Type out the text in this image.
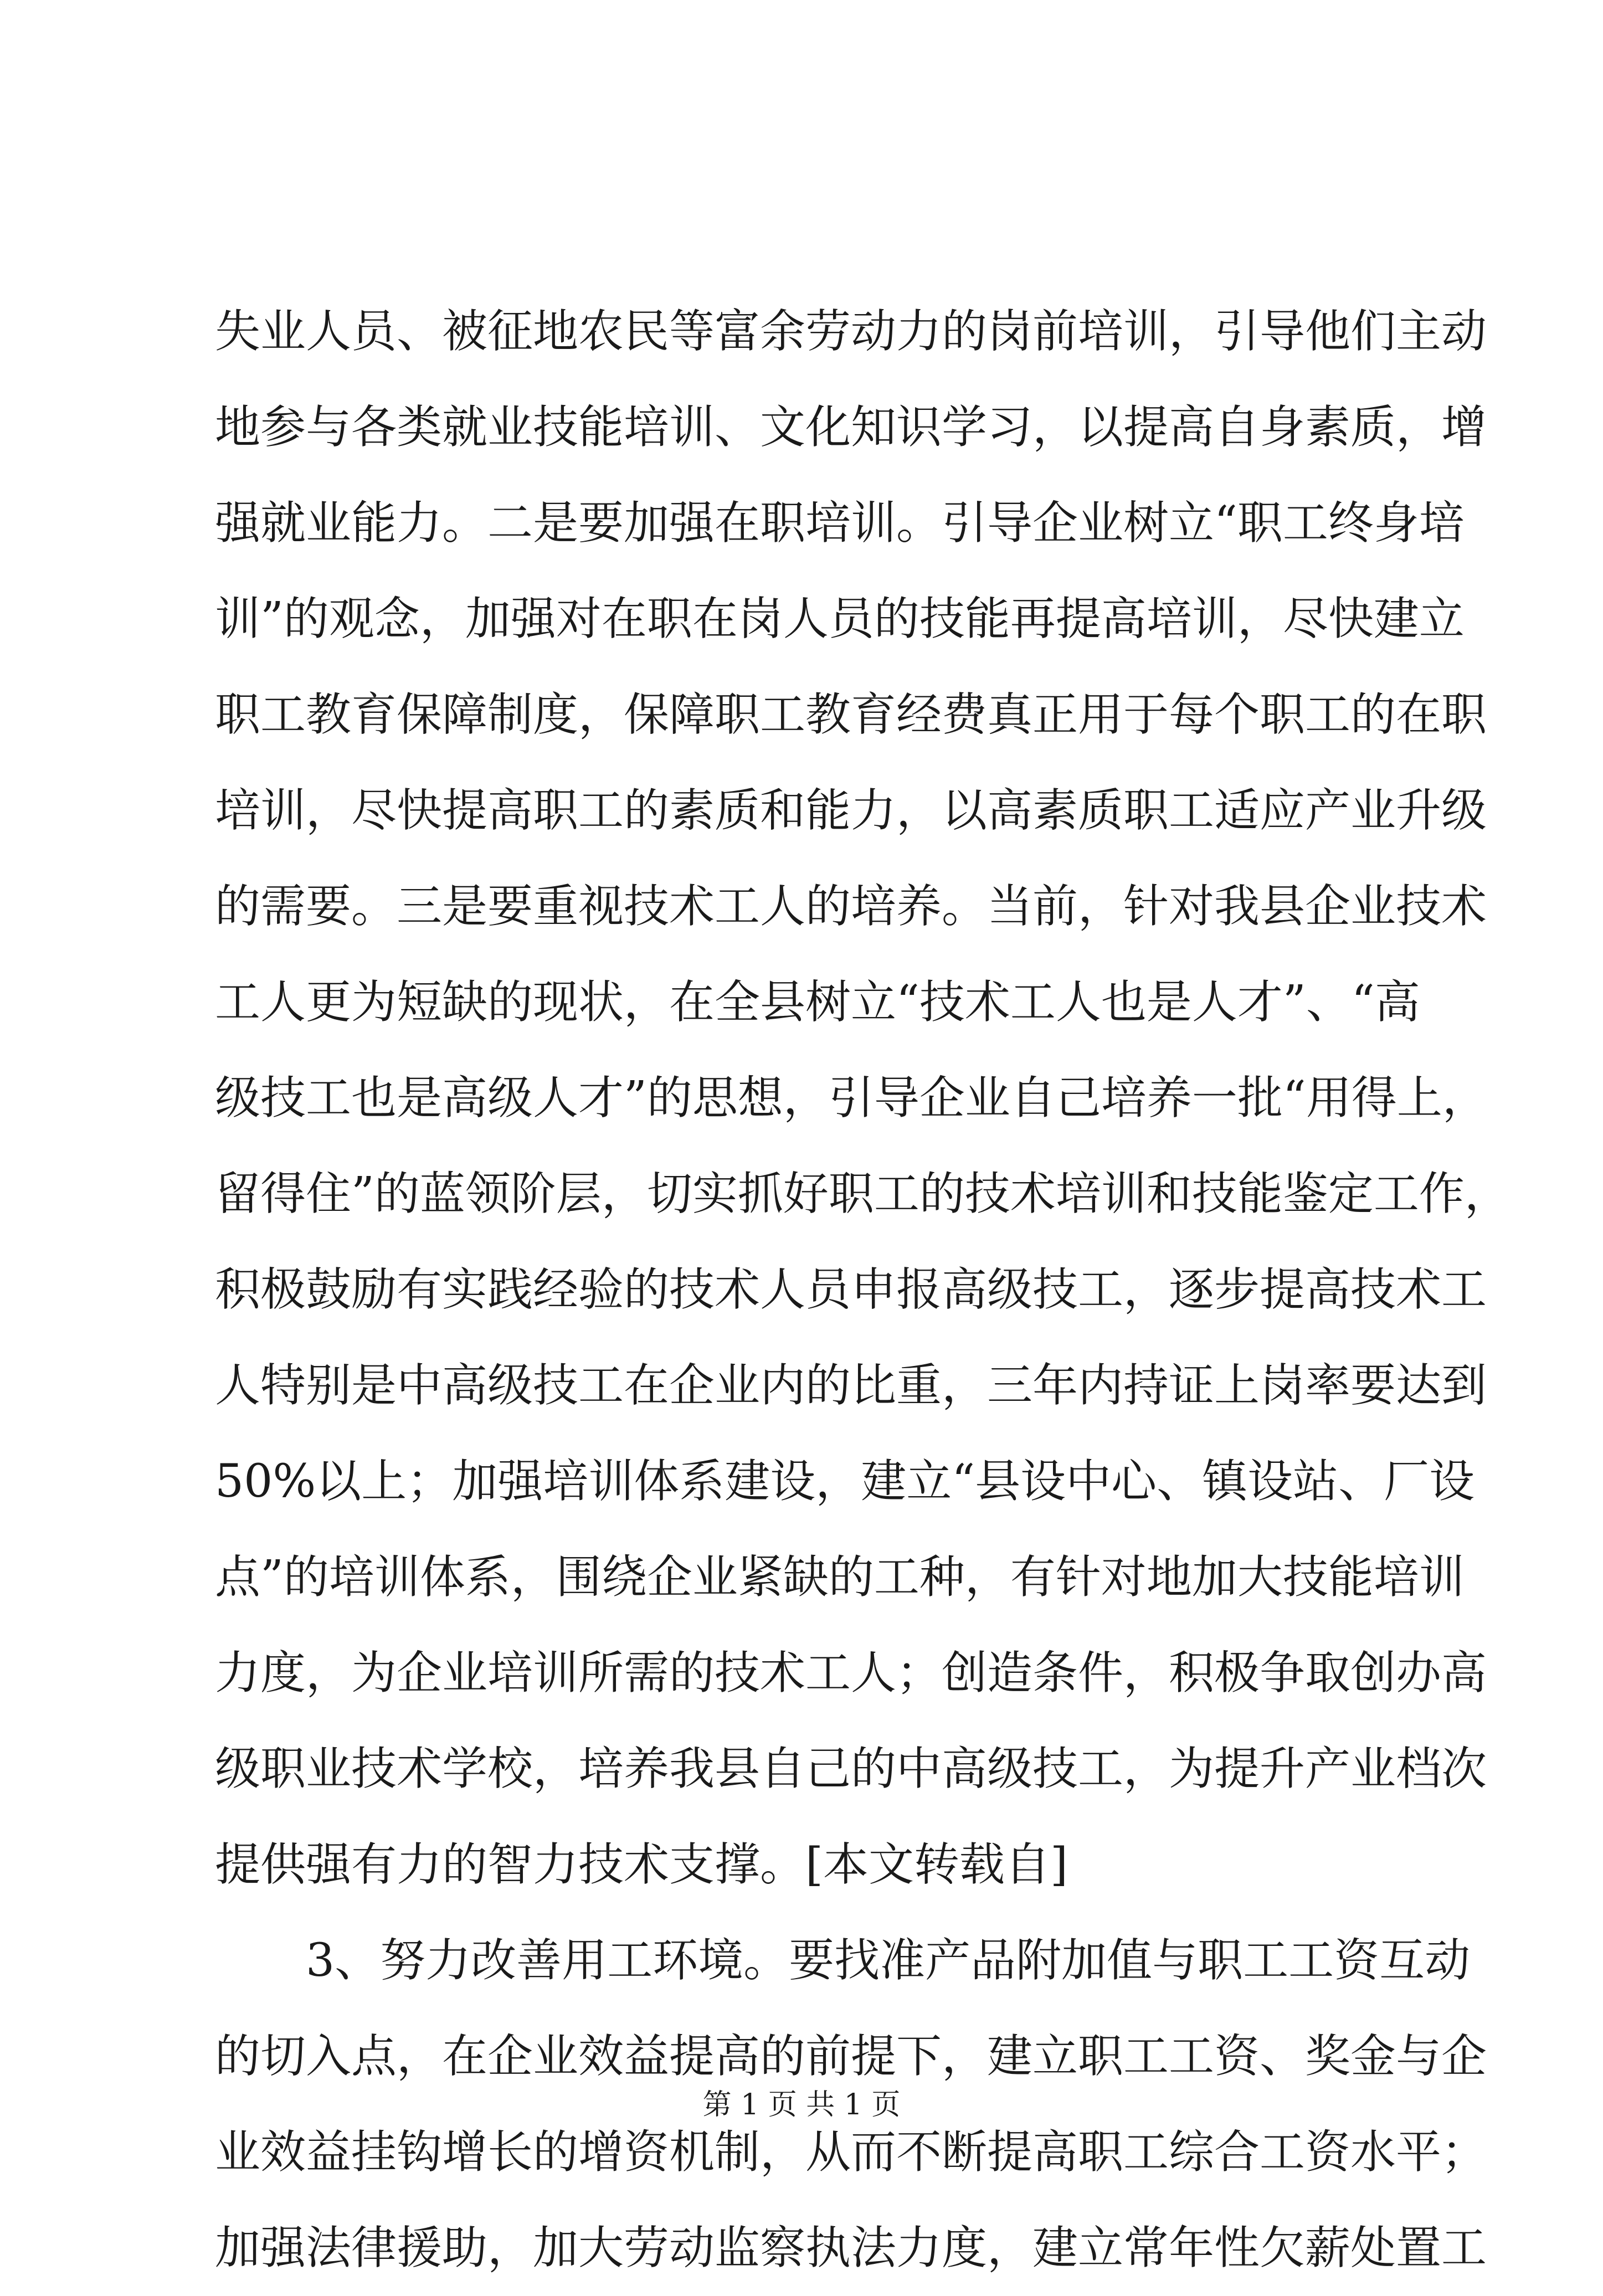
失业人员、被征地农民等富余劳动力的岗前培训，引导他们主动
地参与各类就业技能培训、文化知识学习，以提高自身素质，增
强就业能力。二是要加强在职培训。引导企业树立“职工终身培
训”的观念，加强对在职在岗人员的技能再提高培训，尽快建立
职工教育保障制度，保障职工教育经费真正用于每个职工的在职
培训，尽快提高职工的素质和能力，以高素质职工适应产业升级
的需要。三是要重视技术工人的培养。当前，针对我县企业技术
工人更为短缺的现状，在全县树立“技术工人也是人才”、“高
级技工也是高级人才”的思想，引导企业自己培养一批“用得上，
留得住”的蓝领阶层，切实抓好职工的技术培训和技能鉴定工作，
积极鼓励有实践经验的技术人员申报高级技工，逐步提高技术工
人特别是中高级技工在企业内的比重，三年内持证上岗率要达到
50%以上；加强培训体系建设，建立“县设中心、镇设站、厂设
点”的培训体系，围绕企业紧缺的工种，有针对地加大技能培训
力度，为企业培训所需的技术工人；创造条件，积极争取创办高
级职业技术学校，培养我县自己的中高级技工，为提升产业档次
提供强有力的智力技术支撑。[本文转载自]
3、努力改善用工环境。要找准产品附加值与职工工资互动
的切入点，在企业效益提高的前提下，建立职工工资、奖金与企
业效益挂钩增长的增资机制，从而不断提高职工综合工资水平；
加强法律援助，加大劳动监察执法力度，建立常年性欠薪处置工
第 1 页 共 1 页
